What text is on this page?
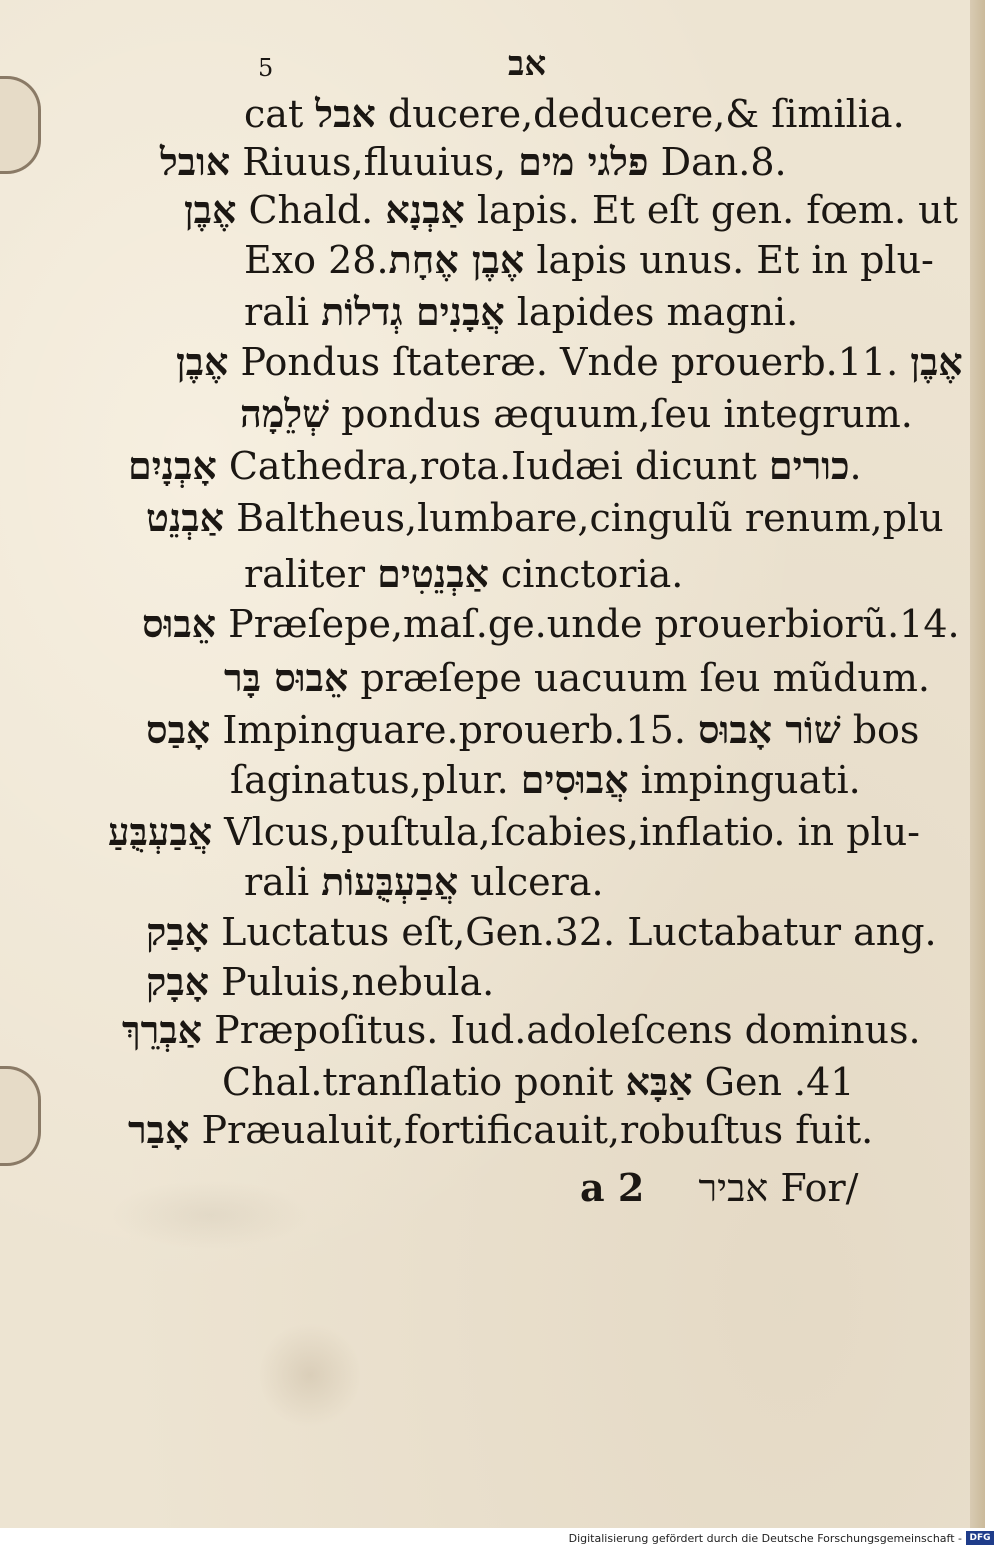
5	אב
cat אבל ducere,deducere,& ſimilia.
אובל Riuus,fluuius, פלגי מים Dan.8.
אֶבֶן Chald. אַבְנָא lapis. Et eſt gen. fœm. ut
Exo 28.אֶבֶן אֶחָת lapis unus. Et in plu-
rali אֲבָנִים גְדלוֹת lapides magni.
אֶבֶן Pondus ſtateræ. Vnde prouerb.11. אֶבֶן
שְׁלֵמָה pondus æquum,ſeu integrum.
אָבְנָיִם Cathedra,rota.Iudæi dicunt כורים.
אַבְנֵט Baltheus,lumbare,cingulũ renum,plu
raliter אַבְנֵטִים cinctoria.
אֵבוּס Præſepe,maſ.ge.unde prouerbiorũ.14.
אֵבוּס בָּר præſepe uacuum ſeu mũdum.
אָבַס Impinguare.prouerb.15. שׁוֹר אָבוּס bos
ſaginatus,plur. אֲבוּסִים impinguati.
אֲבַעְבֻּעַ Vlcus,puſtula,ſcabies,inflatio. in plu-
rali אֲבַעְבֻּעוֹת ulcera.
אָבַק Luctatus eſt,Gen.32. Luctabatur ang.
אָבָק Puluis,nebula.
אַבְרֵךְ Præpoſitus. Iud.adoleſcens dominus.
Chal.tranſlatio ponit אַבָּא Gen .41
אָבַר Præualuit,fortificauit,robuſtus fuit.
a 2 אביר For/
Digitalisierung gefördert durch die Deutsche Forschungsgemeinschaft - DFG
